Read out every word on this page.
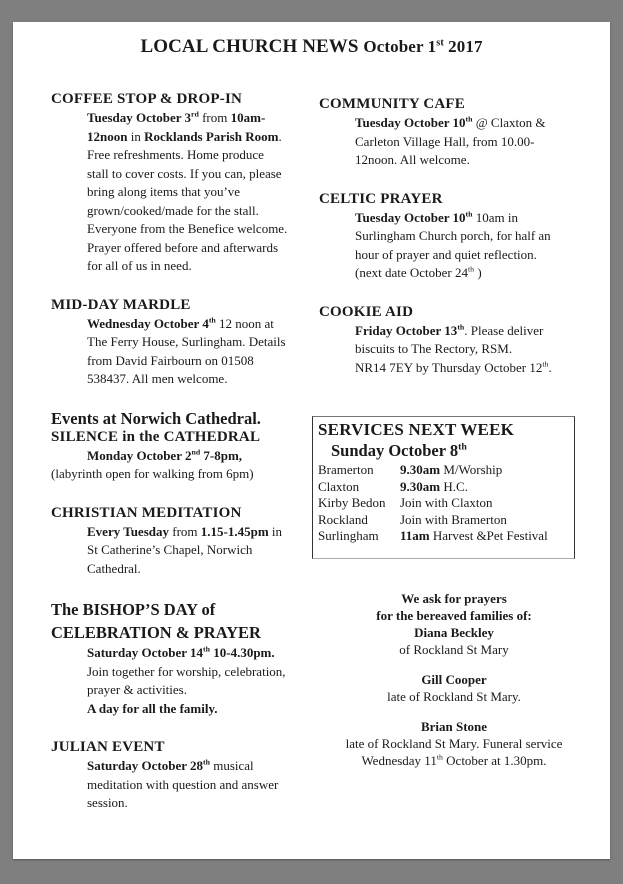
LOCAL CHURCH NEWS October 1st 2017

COFFEE STOP & DROP-IN

Tuesday October 3rd from 10am-
12noon in Rocklands Parish Room.
Free refreshments. Home produce
stall to cover costs. If you can, please
bring along items that you’ve
grown/cooked/made for the stall.
Everyone from the Benefice welcome.
Prayer offered before and afterwards
for all of us in need.

MID-DAY MARDLE

Wednesday October 4th 12 noon at
The Ferry House, Surlingham. Details
from David Fairbourn on 01508
538437. All men welcome.

Events at Norwich Cathedral.

SILENCE in the CATHEDRAL

Monday October 2nd 7-8pm,

(labyrinth open for walking from 6pm)

CHRISTIAN MEDITATION

Every Tuesday from 1.15-1.45pm in
St Catherine’s Chapel, Norwich
Cathedral.

The BISHOP’S DAY of

CELEBRATION & PRAYER

Saturday October 14th 10-4.30pm.
Join together for worship, celebration,
prayer & activities.
A day for all the family.

JULIAN EVENT

Saturday October 28th musical
meditation with question and answer
session.

COMMUNITY CAFE

Tuesday October 10th @ Claxton &
Carleton Village Hall, from 10.00-
12noon. All welcome.

CELTIC PRAYER

Tuesday October 10th 10am in
Surlingham Church porch, for half an
hour of prayer and quiet reflection.
(next date October 24th )

COOKIE AID

Friday October 13th. Please deliver
biscuits to The Rectory, RSM.
NR14 7EY by Thursday October 12th.

SERVICES NEXT WEEK
Sunday October 8th
Bramerton 9.30am M/Worship
Claxton	9.30am H.C.
Kirby Bedon Join with Claxton
Rockland Join with Bramerton
Surlingham 11am Harvest &Pet Festival
We ask for prayers
for the bereaved families of:
Diana Beckley
of Rockland St Mary
Gill Cooper
late of Rockland St Mary.
Brian Stone
late of Rockland St Mary. Funeral service
Wednesday 11th October at 1.30pm.
